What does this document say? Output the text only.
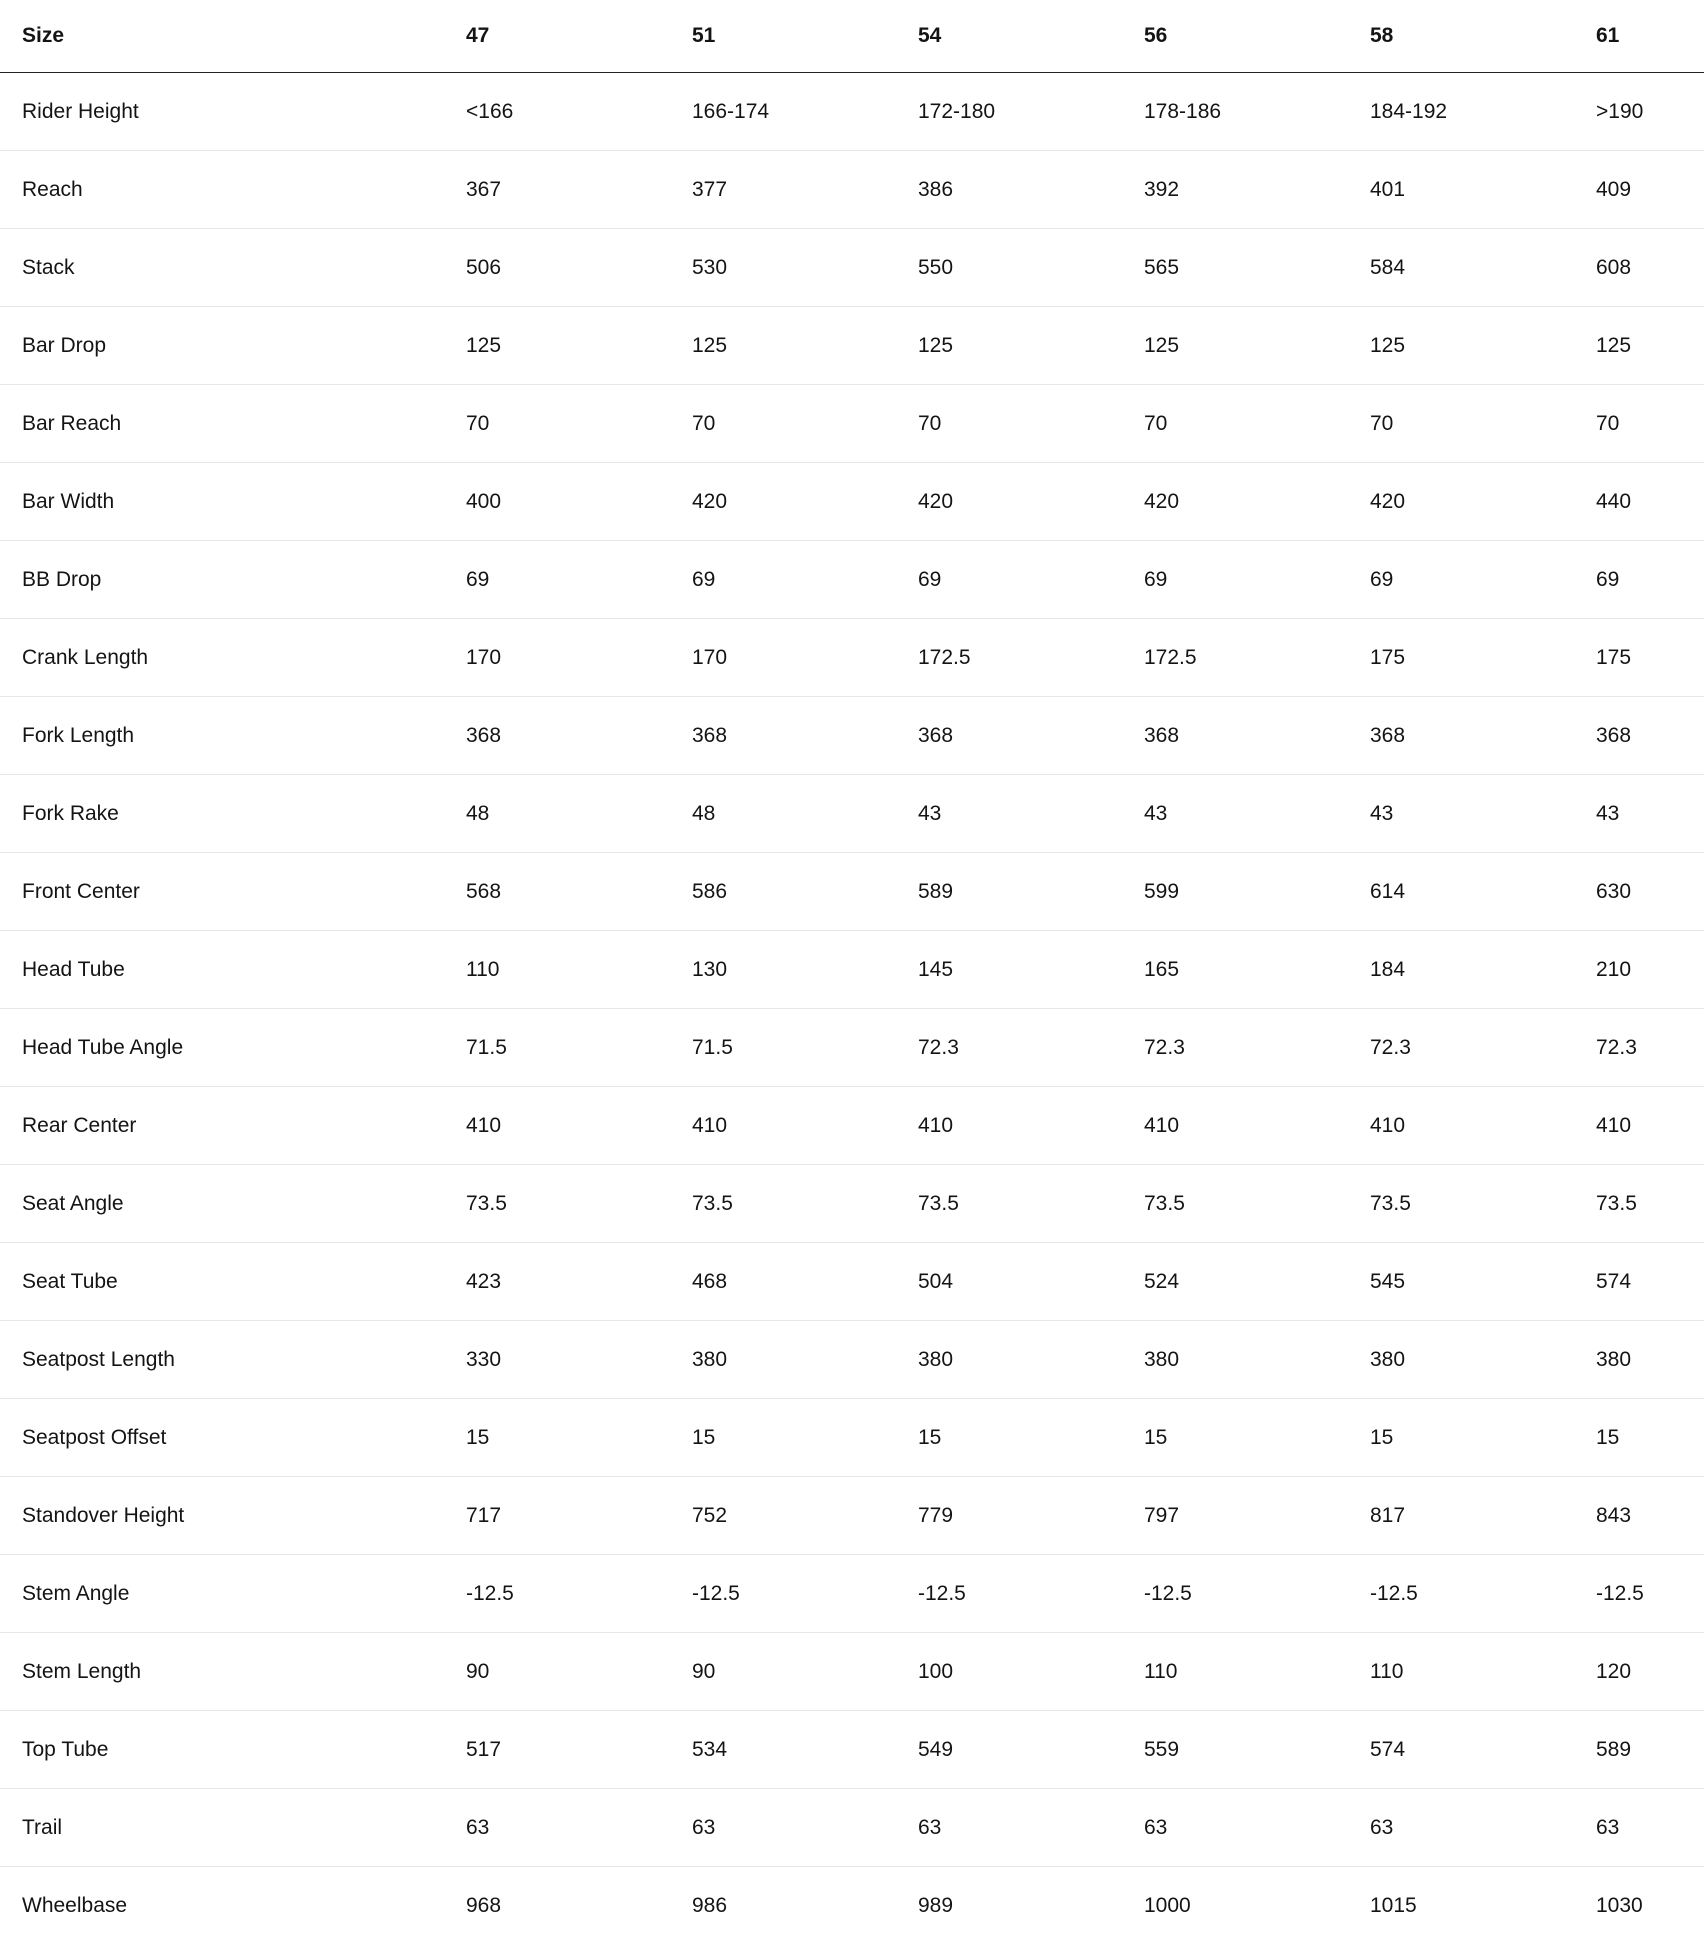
Size	47	51	54	56	58	61
Rider Height	<166	166-174	172-180	178-186	184-192	>190
Reach	367	377	386	392	401	409
Stack	506	530	550	565	584	608
Bar Drop	125	125	125	125	125	125
Bar Reach	70	70	70	70	70	70
Bar Width	400	420	420	420	420	440
BB Drop	69	69	69	69	69	69
Crank Length	170	170	172.5	172.5	175	175
Fork Length	368	368	368	368	368	368
Fork Rake	48	48	43	43	43	43
Front Center	568	586	589	599	614	630
Head Tube	110	130	145	165	184	210
Head Tube Angle	71.5	71.5	72.3	72.3	72.3	72.3
Rear Center	410	410	410	410	410	410
Seat Angle	73.5	73.5	73.5	73.5	73.5	73.5
Seat Tube	423	468	504	524	545	574
Seatpost Length	330	380	380	380	380	380
Seatpost Offset	15	15	15	15	15	15
Standover Height	717	752	779	797	817	843
Stem Angle	-12.5	-12.5	-12.5	-12.5	-12.5	-12.5
Stem Length	90	90	100	110	110	120
Top Tube	517	534	549	559	574	589
Trail	63	63	63	63	63	63
Wheelbase	968	986	989	1000	1015	1030
